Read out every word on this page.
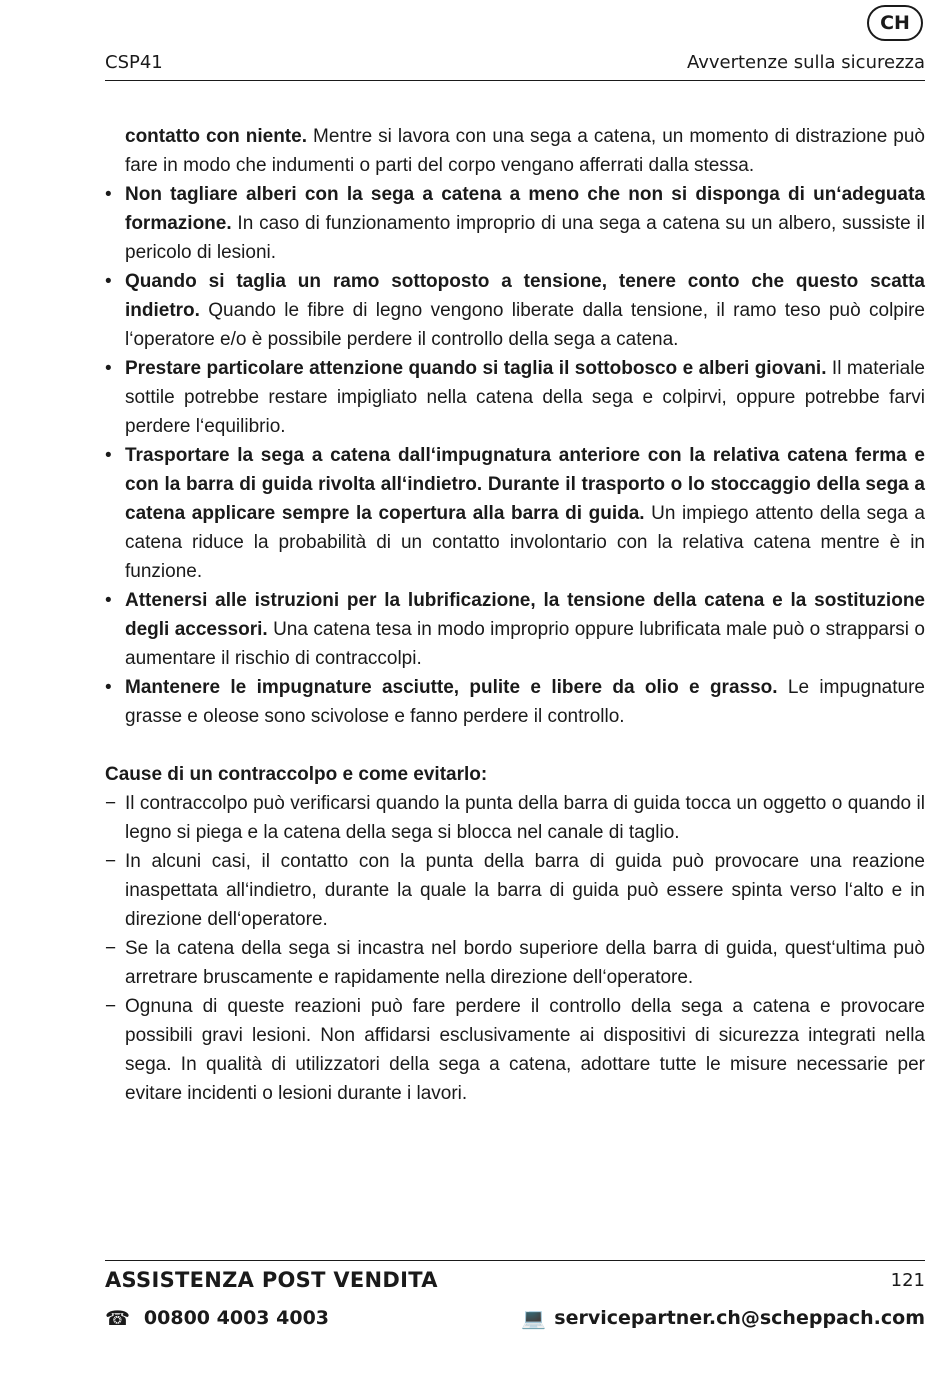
CH
CSP41	Avvertenze sulla sicurezza

contatto con niente. Mentre si lavora con una sega a catena, un momento di distrazione può fare in modo che indumenti o parti del corpo vengano afferrati dalla stessa.

• Non tagliare alberi con la sega a catena a meno che non si disponga di un‘adeguata formazione. In caso di funzionamento improprio di una sega a catena su un albero, sussiste il pericolo di lesioni.
• Quando si taglia un ramo sottoposto a tensione, tenere conto che questo scatta indietro. Quando le fibre di legno vengono liberate dalla tensione, il ramo teso può colpire l‘operatore e/o è possibile perdere il controllo della sega a catena.
• Prestare particolare attenzione quando si taglia il sottobosco e alberi giovani. Il materiale sottile potrebbe restare impigliato nella catena della sega e colpirvi, oppure potrebbe farvi perdere l‘equilibrio.
• Trasportare la sega a catena dall‘impugnatura anteriore con la relativa catena ferma e con la barra di guida rivolta all‘indietro. Durante il trasporto o lo stoccaggio della sega a catena applicare sempre la copertura alla barra di guida. Un impiego attento della sega a catena riduce la probabilità di un contatto involontario con la relativa catena mentre è in funzione.
• Attenersi alle istruzioni per la lubrificazione, la tensione della catena e la sostituzione degli accessori. Una catena tesa in modo improprio oppure lubrificata male può o strapparsi o aumentare il rischio di contraccolpi.
• Mantenere le impugnature asciutte, pulite e libere da olio e grasso. Le impugnature grasse e oleose sono scivolose e fanno perdere il controllo.

Cause di un contraccolpo e come evitarlo:

− Il contraccolpo può verificarsi quando la punta della barra di guida tocca un oggetto o quando il legno si piega e la catena della sega si blocca nel canale di taglio.
− In alcuni casi, il contatto con la punta della barra di guida può provocare una reazione inaspettata all‘indietro, durante la quale la barra di guida può essere spinta verso l‘alto e in direzione dell‘operatore.
− Se la catena della sega si incastra nel bordo superiore della barra di guida, quest‘ultima può arretrare bruscamente e rapidamente nella direzione dell‘operatore.
− Ognuna di queste reazioni può fare perdere il controllo della sega a catena e provocare possibili gravi lesioni. Non affidarsi esclusivamente ai dispositivi di sicurezza integrati nella sega. In qualità di utilizzatori della sega a catena, adottare tutte le misure necessarie per evitare incidenti o lesioni durante i lavori.
ASSISTENZA POST VENDITA	121
☎ 00800 4003 4003	💻 servicepartner.ch@scheppach.com
